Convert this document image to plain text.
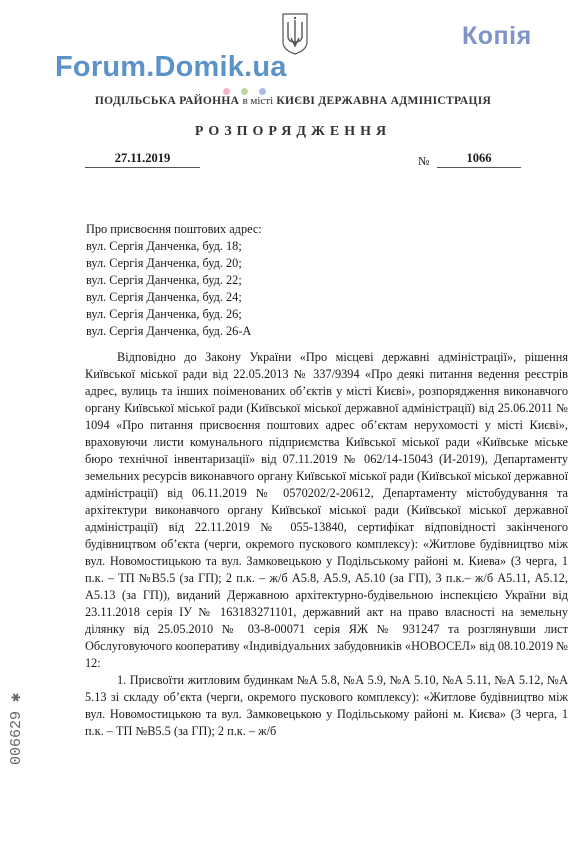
Копія
Forum.Domik.ua
ПОДІЛЬСЬКА РАЙОННА в місті КИЄВІ ДЕРЖАВНА АДМІНІСТРАЦІЯ
РОЗПОРЯДЖЕННЯ
27.11.2019	№	1066
Про присвоєння поштових адрес:
вул. Сергія Данченка, буд. 18;
вул. Сергія Данченка, буд. 20;
вул. Сергія Данченка, буд. 22;
вул. Сергія Данченка, буд. 24;
вул. Сергія Данченка, буд. 26;
вул. Сергія Данченка, буд. 26-А

Відповідно до Закону України «Про місцеві державні адміністрації», рішення Київської міської ради від 22.05.2013 № 337/9394 «Про деякі питання ведення реєстрів адрес, вулиць та інших поіменованих об’єктів у місті Києві», розпорядження виконавчого органу Київської міської ради (Київської міської державної адміністрації) від 25.06.2011 № 1094 «Про питання присвоєння поштових адрес об’єктам нерухомості у місті Києві», враховуючи листи комунального підприємства Київської міської ради «Київське міське бюро технічної інвентаризації» від 07.11.2019 № 062/14-15043 (И-2019), Департаменту земельних ресурсів виконавчого органу Київської міської ради (Київської міської державної адміністрації) від 06.11.2019 № 0570202/2-20612, Департаменту містобудування та архітектури виконавчого органу Київської міської ради (Київської міської державної адміністрації) від 22.11.2019 № 055-13840, сертифікат відповідності закінченого будівництвом об’єкта (черги, окремого пускового комплексу): «Житлове будівництво між вул. Новомостицькою та вул. Замковецькою у Подільському районі м. Киева» (3 черга, 1 п.к. – ТП №В5.5 (за ГП); 2 п.к. – ж/б А5.8, А5.9, А5.10 (за ГП), 3 п.к.– ж/б А5.11, А5.12, А5.13 (за ГП)), виданий Державною архітектурно-будівельною інспекцією України від 23.11.2018 серія IУ № 163183271101, державний акт на право власності на земельну ділянку від 25.05.2010 № 03-8-00071 серія ЯЖ № 931247 та розглянувши лист Обслуговуючого кооперативу «Індивідуальних забудовників «НОВОСЕЛ» від 08.10.2019 № 12:

1. Присвоїти житловим будинкам №А 5.8, №А 5.9, №А 5.10, №А 5.11, №А 5.12, №А 5.13 зі складу об’єкта (черги, окремого пускового комплексу): «Житлове будівництво між вул. Новомостицькою та вул. Замковецькою у Подільському районі м. Києва» (3 черга, 1 п.к. – ТП №В5.5 (за ГП); 2 п.к. – ж/б

006629 ✱
